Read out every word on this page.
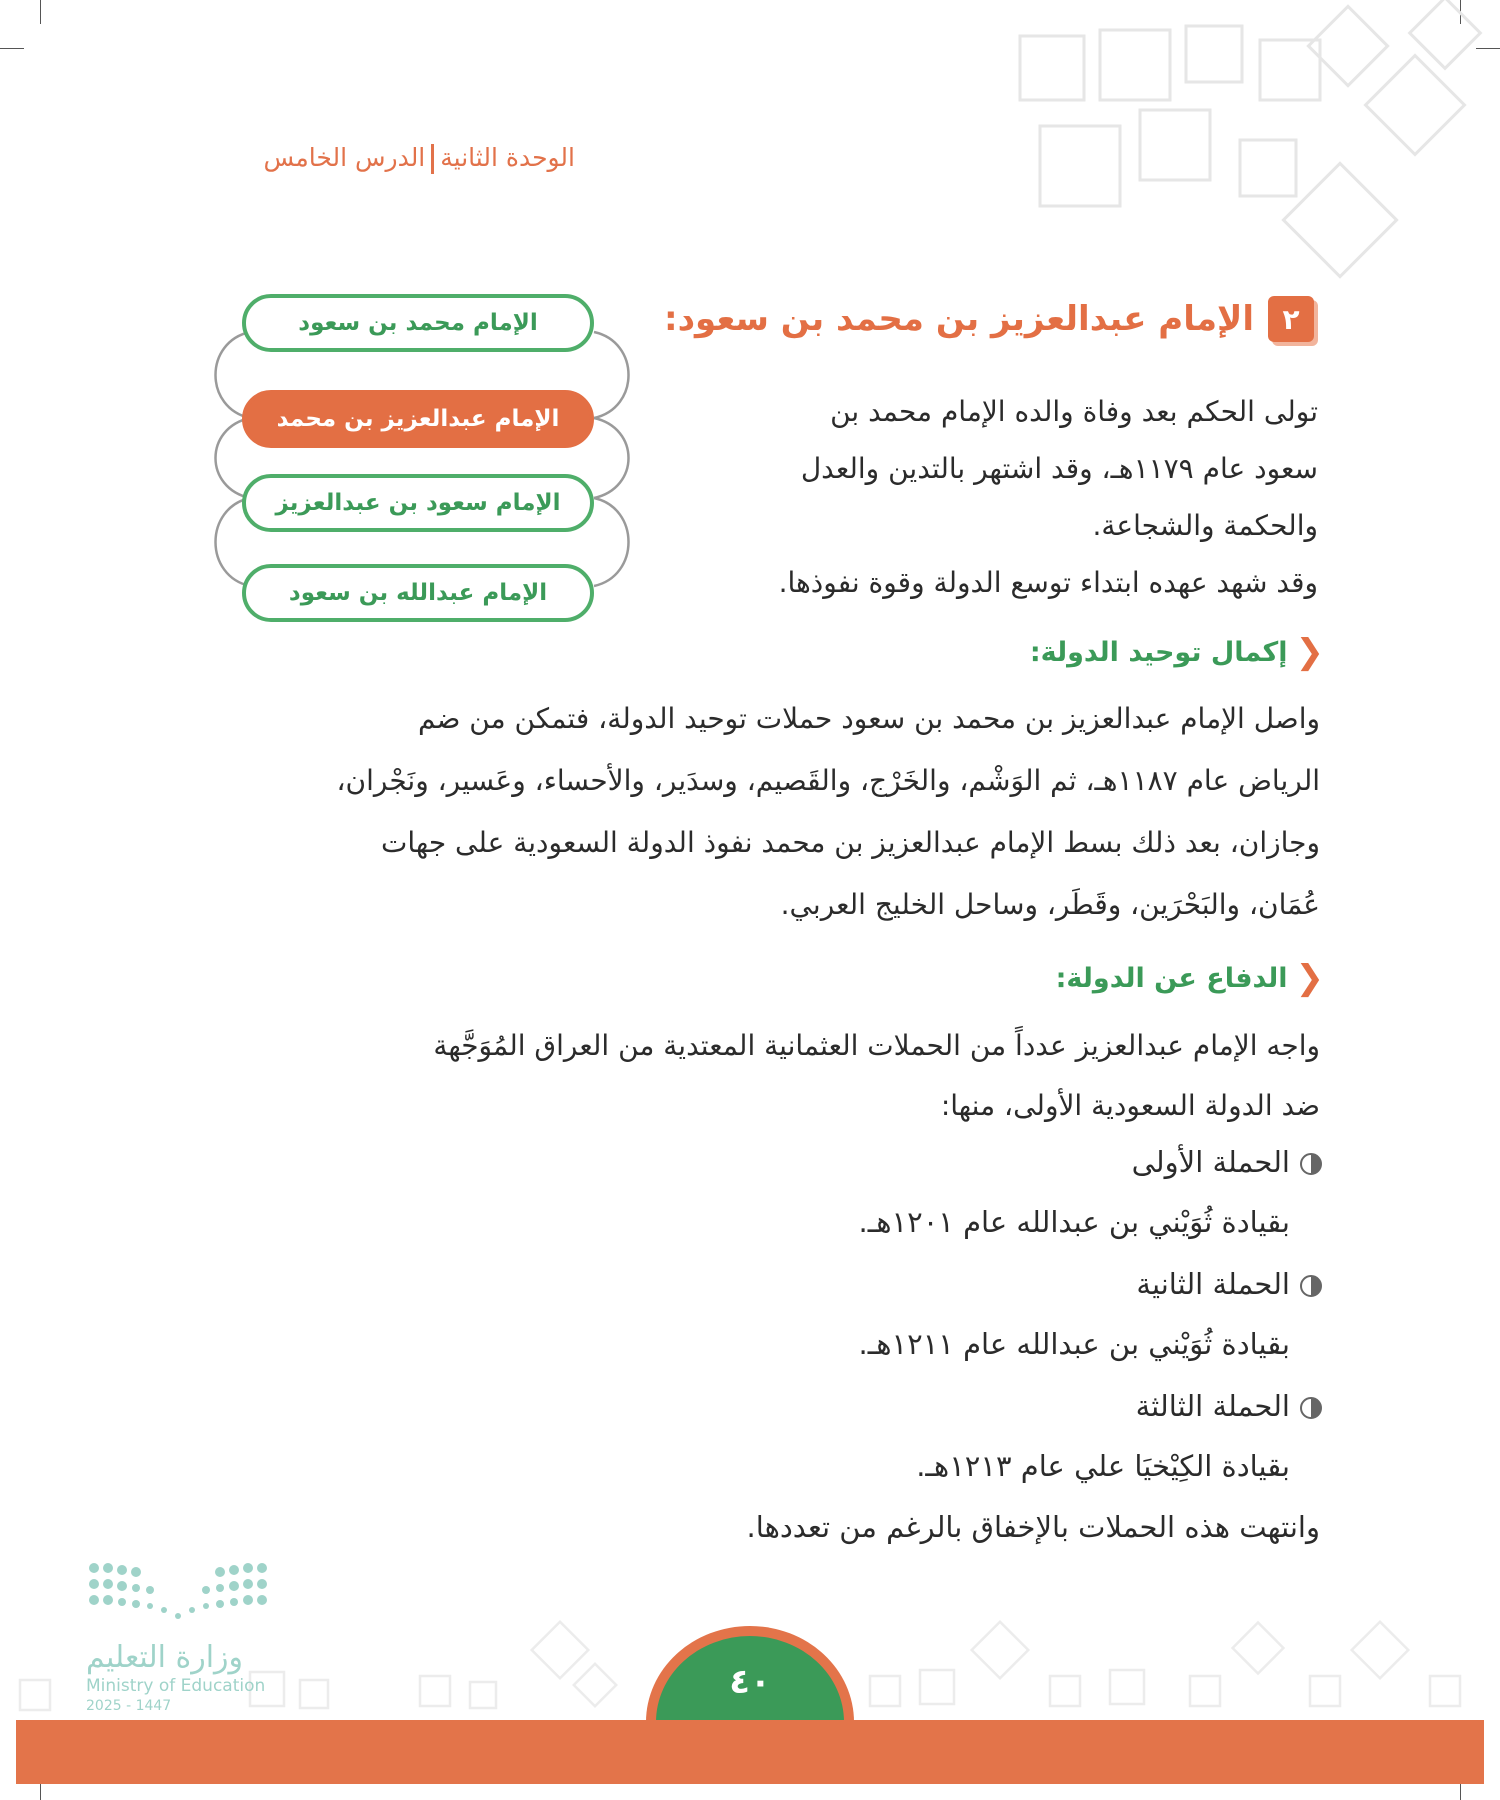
الوحدة الثانيةالدرس الخامس
٢
الإمام عبدالعزيز بن محمد بن سعود:
تولى الحكم بعد وفاة والده الإمام محمد بن
سعود عام ١١٧٩هـ، وقد اشتهر بالتدين والعدل
والحكمة والشجاعة.
وقد شهد عهده ابتداء توسع الدولة وقوة نفوذها.
الإمام محمد بن سعود
الإمام عبدالعزيز بن محمد
الإمام سعود بن عبدالعزيز
الإمام عبدالله بن سعود
❮
إكمال توحيد الدولة:
واصل الإمام عبدالعزيز بن محمد بن سعود حملات توحيد الدولة، فتمكن من ضم
الرياض عام ١١٨٧هـ، ثم الوَشْم، والخَرْج، والقَصيم، وسدَير، والأحساء، وعَسير، ونَجْران،
وجازان، بعد ذلك بسط الإمام عبدالعزيز بن محمد نفوذ الدولة السعودية على جهات
عُمَان، والبَحْرَين، وقَطَر، وساحل الخليج العربي.
❮
الدفاع عن الدولة:
واجه الإمام عبدالعزيز عدداً من الحملات العثمانية المعتدية من العراق المُوَجَّهة
ضد الدولة السعودية الأولى، منها:
الحملة الأولى
بقيادة ثُوَيْني بن عبدالله عام ١٢٠١هـ.
الحملة الثانية
بقيادة ثُوَيْني بن عبدالله عام ١٢١١هـ.
الحملة الثالثة
بقيادة الكِيْخيَا علي عام ١٢١٣هـ.
وانتهت هذه الحملات بالإخفاق بالرغم من تعددها.
وزارة التعليم
Ministry of Education
2025 - 1447
٤٠
